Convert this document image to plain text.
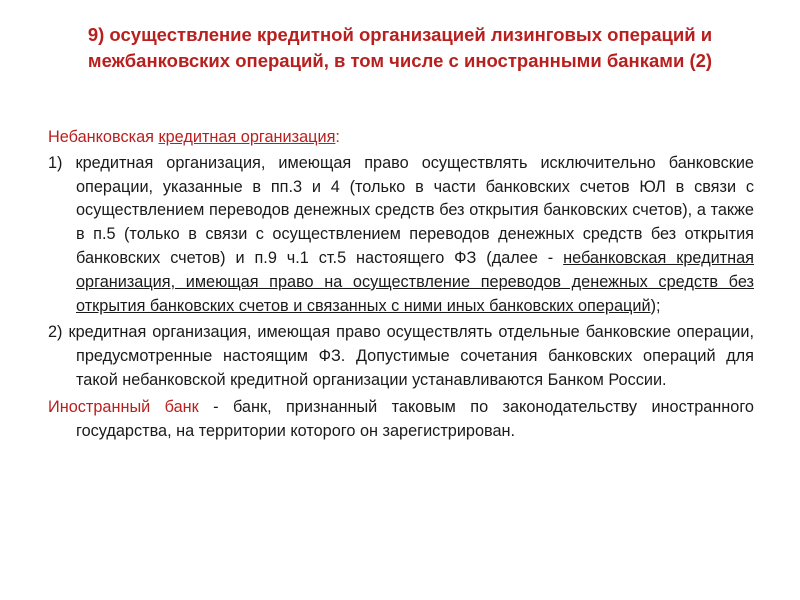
9) осуществление кредитной организацией лизинговых операций и межбанковских операций, в том числе с иностранными банками (2)
Небанковская кредитная организация:
1) кредитная организация, имеющая право осуществлять исключительно банковские операции, указанные в пп.3 и 4 (только в части банковских счетов ЮЛ в связи с осуществлением переводов денежных средств без открытия банковских счетов), а также в п.5 (только в связи с осуществлением переводов денежных средств без открытия банковских счетов) и п.9 ч.1 ст.5 настоящего ФЗ (далее - небанковская кредитная организация, имеющая право на осуществление переводов денежных средств без открытия банковских счетов и связанных с ними иных банковских операций);
2) кредитная организация, имеющая право осуществлять отдельные банковские операции, предусмотренные настоящим ФЗ. Допустимые сочетания банковских операций для такой небанковской кредитной организации устанавливаются Банком России.
Иностранный банк - банк, признанный таковым по законодательству иностранного государства, на территории которого он зарегистрирован.
